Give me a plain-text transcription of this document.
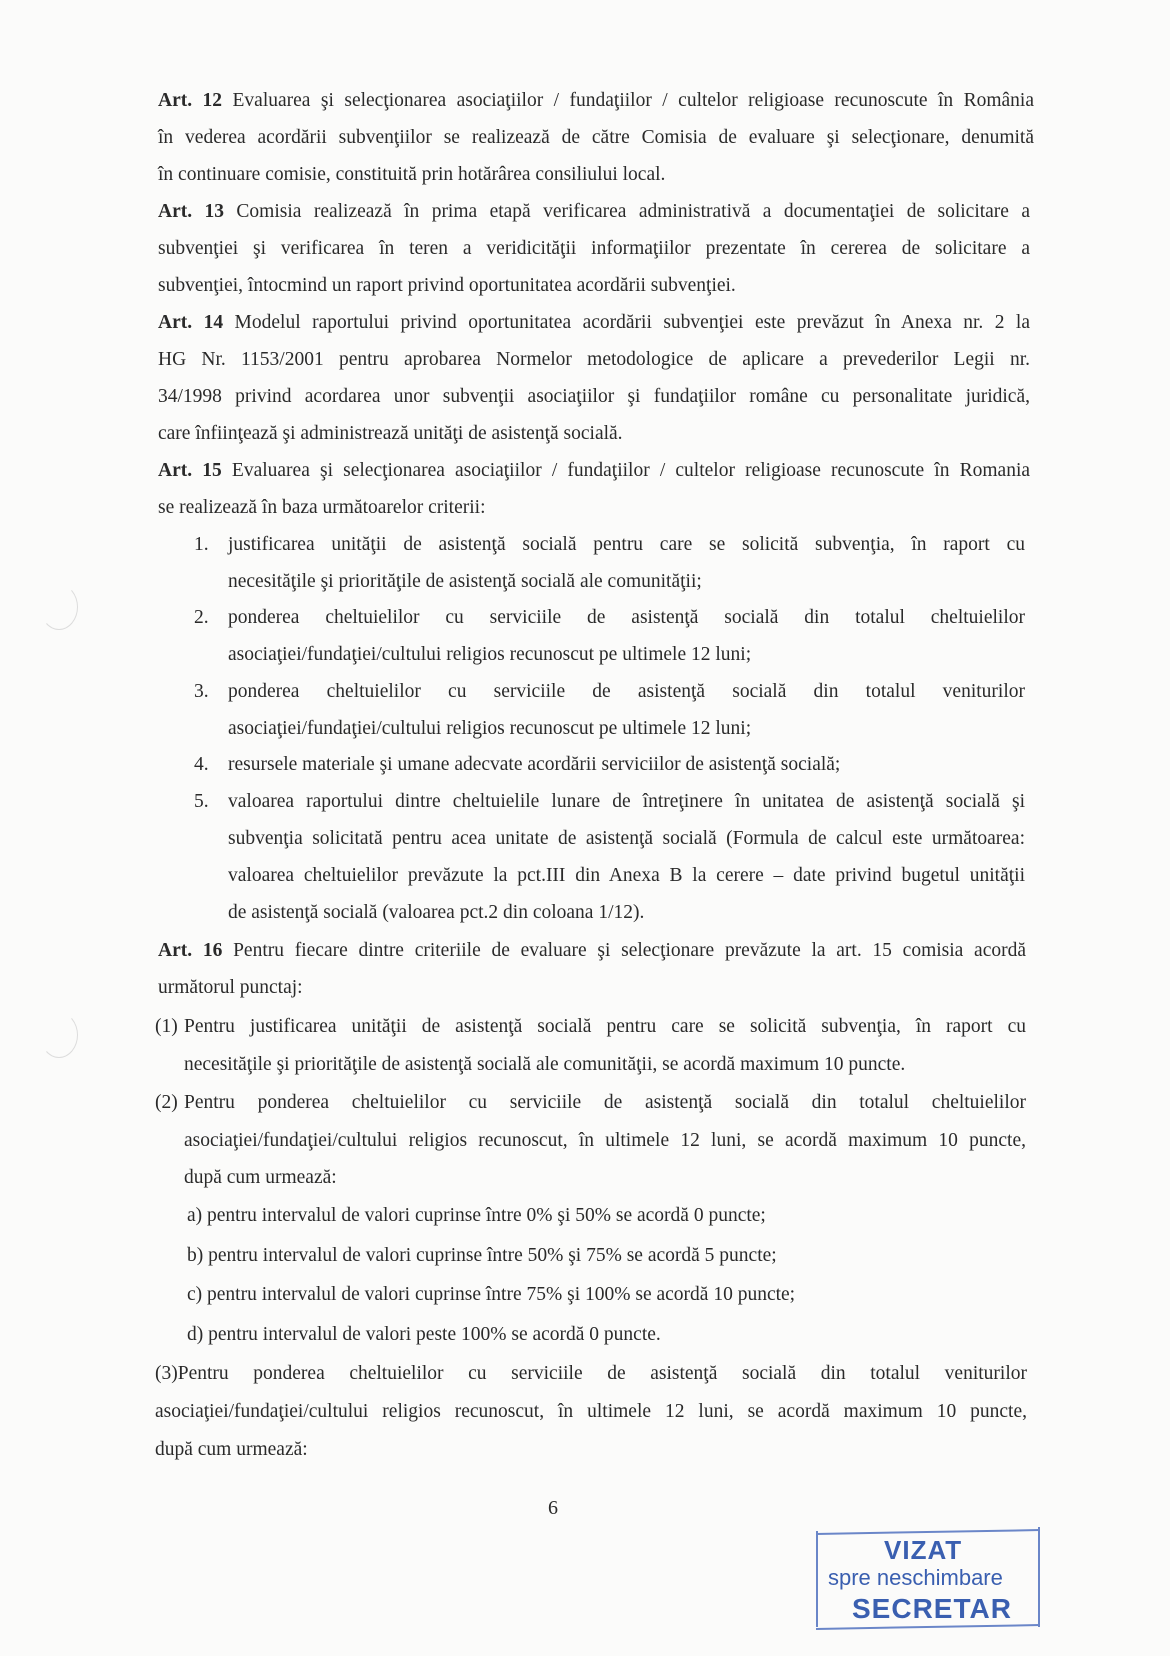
Art. 12 Evaluarea şi selecţionarea asociaţiilor / fundaţiilor / cultelor religioase recunoscute în România
în vederea acordării subvenţiilor se realizează de către Comisia de evaluare şi selecţionare, denumită
în continuare comisie, constituită prin hotărârea consiliului local.
Art. 13 Comisia realizează în prima etapă verificarea administrativă a documentaţiei de solicitare a
subvenţiei şi verificarea în teren a veridicităţii informaţiilor prezentate în cererea de solicitare a
subvenţiei, întocmind un raport privind oportunitatea acordării subvenţiei.
Art. 14 Modelul raportului privind oportunitatea acordării subvenţiei este prevăzut în Anexa nr. 2 la
HG Nr. 1153/2001 pentru aprobarea Normelor metodologice de aplicare a prevederilor Legii nr.
34/1998 privind acordarea unor subvenţii asociaţiilor şi fundaţiilor române cu personalitate juridică,
care înfiinţează şi administrează unităţi de asistenţă socială.
Art. 15 Evaluarea şi selecţionarea asociaţiilor / fundaţiilor / cultelor religioase recunoscute în Romania
se realizează în baza următoarelor criterii:
1. justificarea unităţii de asistenţă socială pentru care se solicită subvenţia, în raport cu
necesităţile şi priorităţile de asistenţă socială ale comunităţii;
2. ponderea cheltuielilor cu serviciile de asistenţă socială din totalul cheltuielilor
asociaţiei/fundaţiei/cultului religios recunoscut pe ultimele 12 luni;
3. ponderea cheltuielilor cu serviciile de asistenţă socială din totalul veniturilor
asociaţiei/fundaţiei/cultului religios recunoscut pe ultimele 12 luni;
4. resursele materiale şi umane adecvate acordării serviciilor de asistenţă socială;
5. valoarea raportului dintre cheltuielile lunare de întreţinere în unitatea de asistenţă socială şi
subvenţia solicitată pentru acea unitate de asistenţă socială (Formula de calcul este următoarea:
valoarea cheltuielilor prevăzute la pct.III din Anexa B la cerere – date privind bugetul unităţii
de asistenţă socială (valoarea pct.2 din coloana 1/12).
Art. 16 Pentru fiecare dintre criteriile de evaluare şi selecţionare prevăzute la art. 15 comisia acordă
următorul punctaj:
(1) Pentru justificarea unităţii de asistenţă socială pentru care se solicită subvenţia, în raport cu
necesităţile şi priorităţile de asistenţă socială ale comunităţii, se acordă maximum 10 puncte.
(2) Pentru ponderea cheltuielilor cu serviciile de asistenţă socială din totalul cheltuielilor
asociaţiei/fundaţiei/cultului religios recunoscut, în ultimele 12 luni, se acordă maximum 10 puncte,
după cum urmează:
a) pentru intervalul de valori cuprinse între 0% şi 50% se acordă 0 puncte;
b) pentru intervalul de valori cuprinse între 50% şi 75% se acordă 5 puncte;
c) pentru intervalul de valori cuprinse între 75% şi 100% se acordă 10 puncte;
d) pentru intervalul de valori peste 100% se acordă 0 puncte.
(3)Pentru ponderea cheltuielilor cu serviciile de asistenţă socială din totalul veniturilor
asociaţiei/fundaţiei/cultului religios recunoscut, în ultimele 12 luni, se acordă maximum 10 puncte,
după cum urmează:
6
VIZAT
spre neschimbare
SECRETAR
